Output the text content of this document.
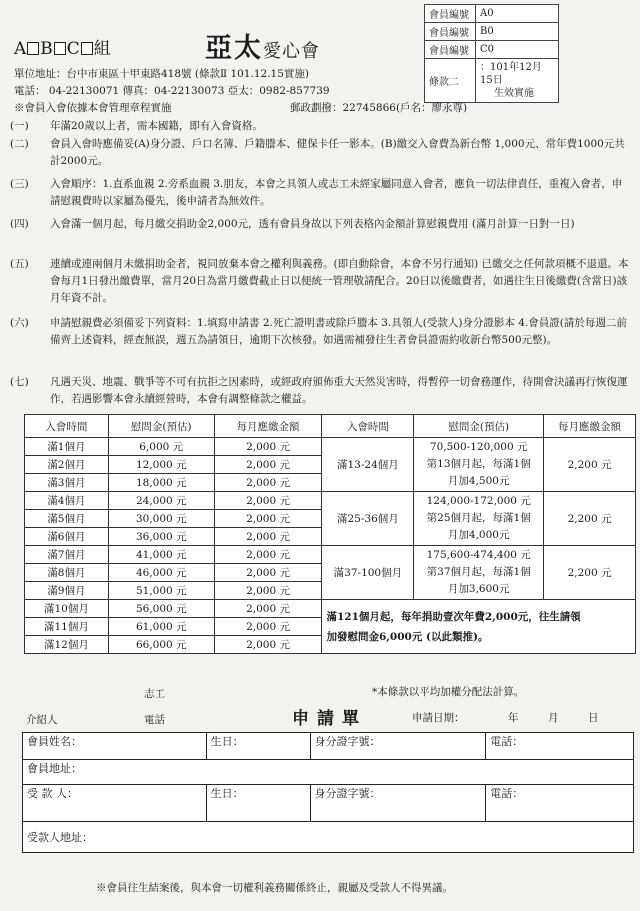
A B C 組	亞太愛心會
會員編號	A0
會員編號	B0
會員編號	C0
條款二	：101年12月15日
生效實施
單位地址：台中市東區十甲東路418號 (條款Ⅱ 101.12.15實施)
電話： 04-22130071 傳真：04-22130073 亞太：0982-857739
※會員入會依據本會管理章程實施	郵政劃撥：22745866(戶名：廖永尊)
(一) 年滿20歲以上者，需本國籍，即有入會資格。
(二) 會員入會時應備妥(A)身分證、戶口名簿、戶籍謄本、健保卡任一影本。(B)繳交入會費為新台幣 1,000元、常年費1000元共計2000元。
(三) 入會順序：1.直系血親 2.旁系血親 3.朋友，本會之具領人或志工未經家屬同意入會者，應負一切法律責任，重複入會者，申請慰親費時以家屬為優先，後申請者為無效件。
(四) 入會滿一個月起，每月繳交捐助金2,000元，透有會員身故以下列表格內金額計算慰親費用 (滿月計算一日對一日)
(五) 連續或連兩個月未繳捐助金者，視同放棄本會之權利與義務。(即自動除會，本會不另行通知) 已繳交之任何款項概不退還。本會每月1日發出繳費單，當月20日為當月繳費截止日以便統一管理敬請配合。20日以後繳費者，如遇往生日後繳費(含當日)該月年資不計。
(六) 申請慰親費必須備妥下列資料：1.填寫申請書 2.死亡證明書或除戶謄本 3.具領人(受款人)身分證影本 4.會員證(請於每週二前備齊上述資料，經查無誤，週五為請領日，逾期下次核發。如遇需補發往生者會員證需約收新台幣500元整)。
(七) 凡遇天災、地震、戰爭等不可有抗拒之因素時，或經政府頒佈重大天然災害時，得暫停一切會務運作，待開會決議再行恢復運作，若遇影響本會永續經營時，本會有調整條款之權益。
入會時間	慰問金(預估)	每月應繳金額	入會時間	慰問金(預估)	每月應繳金額
滿1個月	6,000 元	2,000 元	滿13-24個月	70,500-120,000 元
第13個月起，每滿1個
月加4,500元	2,200 元
滿2個月	12,000 元	2,000 元			
滿3個月	18,000 元	2,000 元			
滿4個月	24,000 元	2,000 元	滿25-36個月	124,000-172,000 元
第25個月起，每滿1個
月加4,000元	2,200 元
滿5個月	30,000 元	2,000 元			
滿6個月	36,000 元	2,000 元			
滿7個月	41,000 元	2,000 元	滿37-100個月	175,600-474,400 元
第37個月起，每滿1個
月加3,600元	2,200 元
滿8個月	46,000 元	2,000 元			
滿9個月	51,000 元	2,000 元			
滿10個月	56,000 元	2,000 元	滿121個月起，每年捐助壹次年費2,000元，往生請領
加發慰問金6,000元 (以此類推)。		

滿11個月	61,000 元	2,000 元			
滿12個月	66,000 元	2,000 元			
志工	*本條款以平均加權分配法計算。
介紹人	電話	申請單	申請日期：	年	月	日
會員姓名：	生日：	身分證字號：	電話：
會員地址：			
受 款 人：	生日：	身分證字號：	電話：
受款人地址：			
※會員往生結案後，與本會一切權利義務關係終止，親屬及受款人不得異議。
